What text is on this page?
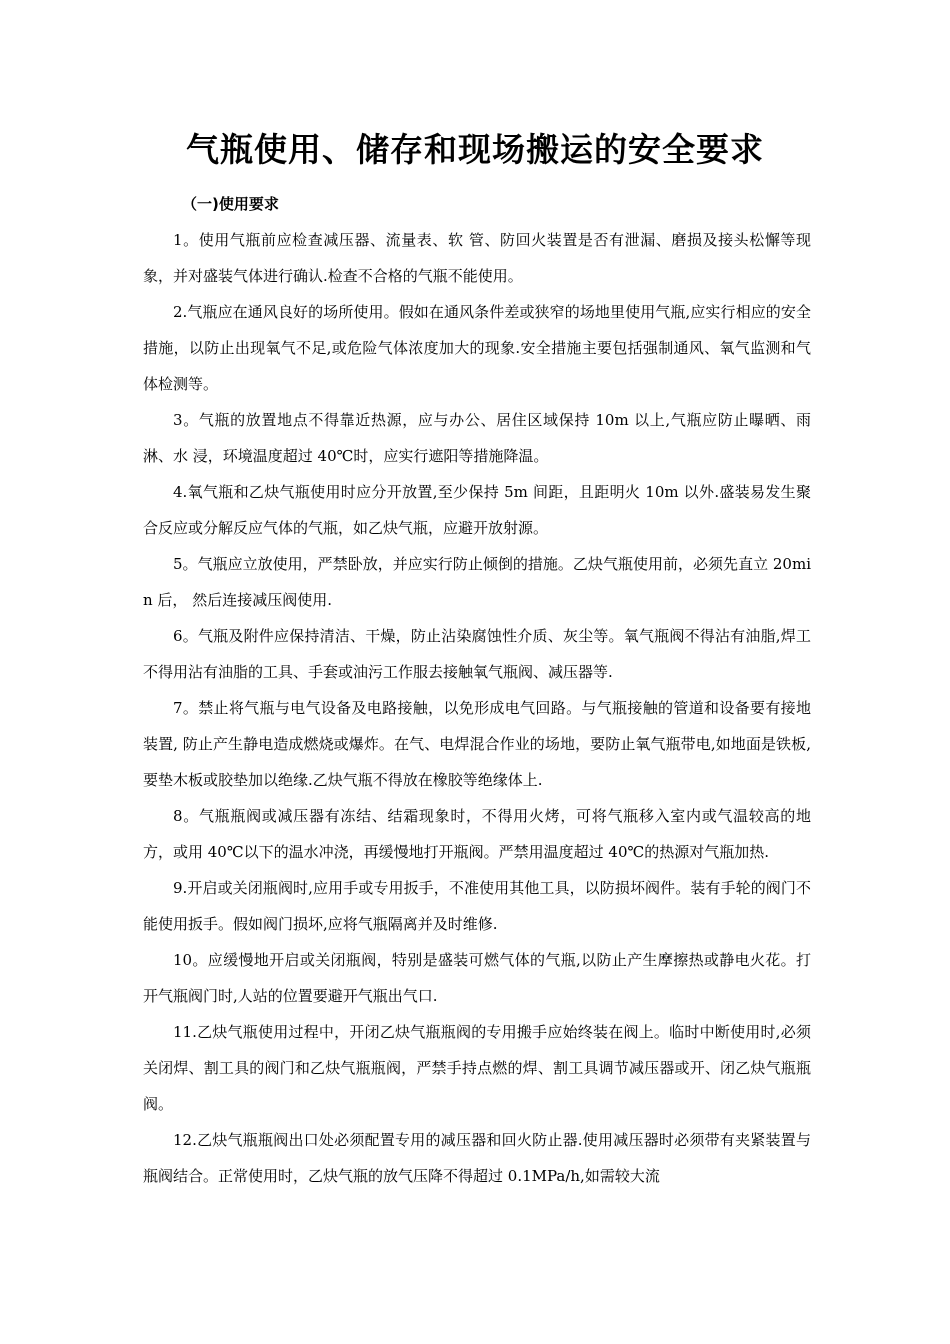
气瓶使用、储存和现场搬运的安全要求

（一)使用要求

1。使用气瓶前应检查减压器、流量表、软 管、防回火装置是否有泄漏、磨损及接头松懈等现象，并对盛装气体进行确认.检查不合格的气瓶不能使用。

2.气瓶应在通风良好的场所使用。假如在通风条件差或狭窄的场地里使用气瓶,应实行相应的安全 措施，以防止出现氧气不足,或危险气体浓度加大的现象.安全措施主要包括强制通风、氧气监测和气体检测等。

3。气瓶的放置地点不得靠近热源，应与办公、居住区域保持 10m 以上,气瓶应防止曝晒、雨淋、水 浸，环境温度超过 40℃时，应实行遮阳等措施降温。

4.氧气瓶和乙炔气瓶使用时应分开放置,至少保持 5m 间距，且距明火 10m 以外.盛装易发生聚合反应或分解反应气体的气瓶，如乙炔气瓶，应避开放射源。

5。气瓶应立放使用，严禁卧放，并应实行防止倾倒的措施。乙炔气瓶使用前，必须先直立 20min 后， 然后连接减压阀使用.

6。气瓶及附件应保持清洁、干燥，防止沾染腐蚀性介质、灰尘等。氧气瓶阀不得沾有油脂,焊工不得用沾有油脂的工具、手套或油污工作服去接触氧气瓶阀、减压器等.

7。禁止将气瓶与电气设备及电路接触，以免形成电气回路。与气瓶接触的管道和设备要有接地装置, 防止产生静电造成燃烧或爆炸。在气、电焊混合作业的场地，要防止氧气瓶带电,如地面是铁板,要垫木板或胶垫加以绝缘.乙炔气瓶不得放在橡胶等绝缘体上.

8。气瓶瓶阀或减压器有冻结、结霜现象时，不得用火烤，可将气瓶移入室内或气温较高的地方，或用 40℃以下的温水冲浇，再缓慢地打开瓶阀。严禁用温度超过 40℃的热源对气瓶加热.

9.开启或关闭瓶阀时,应用手或专用扳手，不准使用其他工具，以防损坏阀件。装有手轮的阀门不能使用扳手。假如阀门损坏,应将气瓶隔离并及时维修.

10。应缓慢地开启或关闭瓶阀，特别是盛装可燃气体的气瓶,以防止产生摩擦热或静电火花。打开气瓶阀门时,人站的位置要避开气瓶出气口.

11.乙炔气瓶使用过程中，开闭乙炔气瓶瓶阀的专用搬手应始终装在阀上。临时中断使用时,必须关闭焊、割工具的阀门和乙炔气瓶瓶阀，严禁手持点燃的焊、割工具调节减压器或开、闭乙炔气瓶瓶阀。

12.乙炔气瓶瓶阀出口处必须配置专用的减压器和回火防止器.使用减压器时必须带有夹紧装置与瓶阀结合。正常使用时，乙炔气瓶的放气压降不得超过 0.1MPa/h,如需较大流
